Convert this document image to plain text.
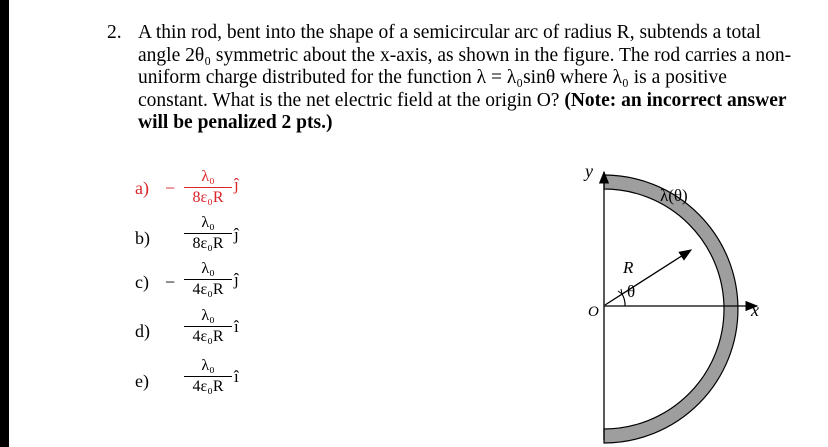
2. A thin rod, bent into the shape of a semicircular arc of radius R, subtends a total angle 2θ₀ symmetric about the x-axis, as shown in the figure. The rod carries a non-uniform charge distributed for the function λ = λ₀sinθ where λ₀ is a positive constant. What is the net electric field at the origin O? (Note: an incorrect answer will be penalized 2 pts.)
a) −
λ₀
8ε₀R
ĵ
b)
λ₀
8ε₀R ĵ
c) −
λ₀
4ε₀R
ĵ
d)
λ₀
4ε₀R
î
e)
λ₀
4ε₀R
î
y
x
O
R
θ
λ(θ)
